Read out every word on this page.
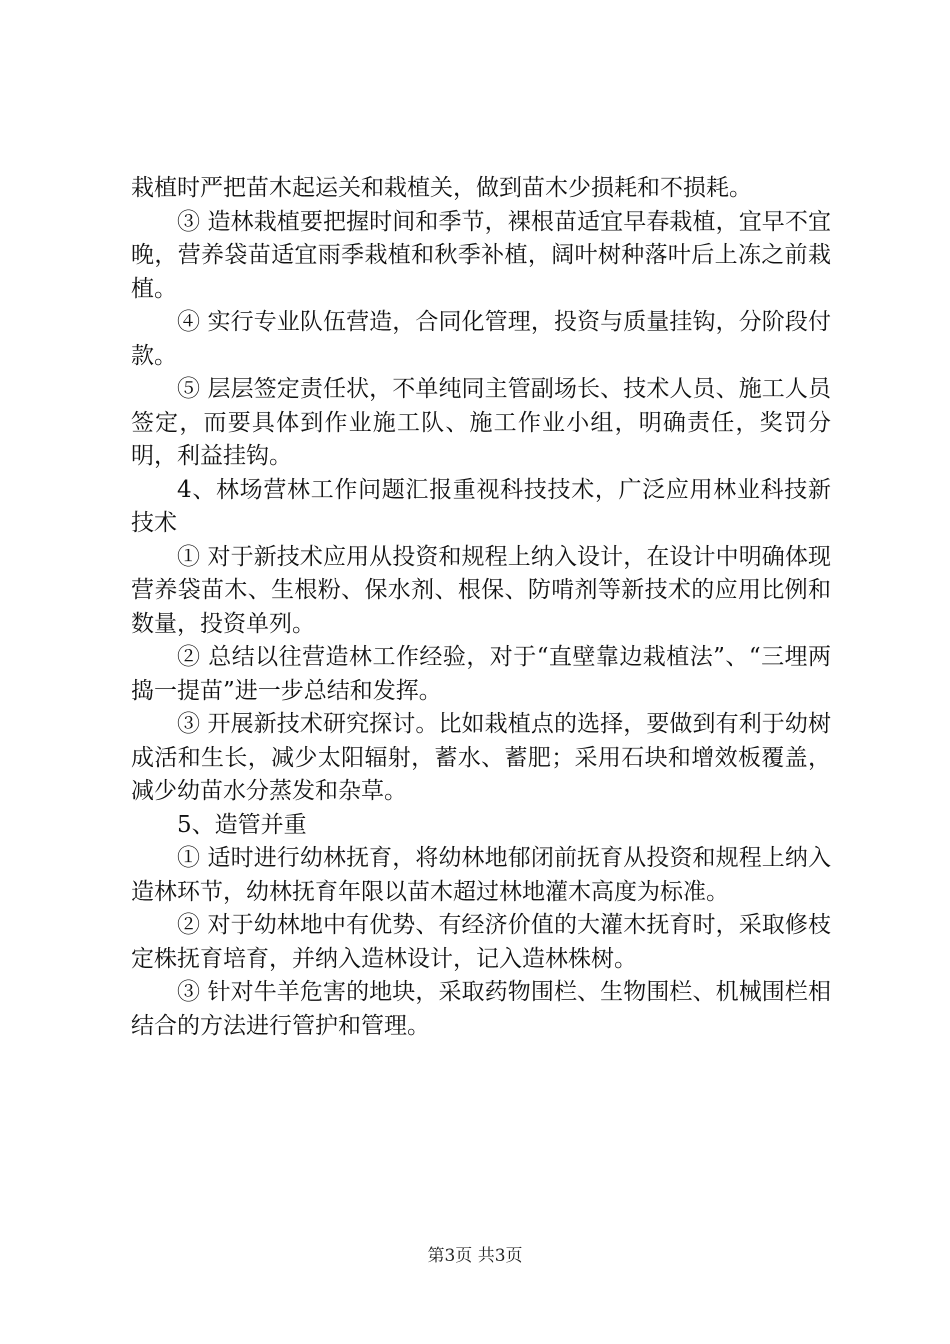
栽植时严把苗木起运关和栽植关，做到苗木少损耗和不损耗。

③ 造林栽植要把握时间和季节，裸根苗适宜早春栽植，宜早不宜晚，营养袋苗适宜雨季栽植和秋季补植，阔叶树种落叶后上冻之前栽植。

④ 实行专业队伍营造，合同化管理，投资与质量挂钩，分阶段付款。

⑤ 层层签定责任状，不单纯同主管副场长、技术人员、施工人员签定，而要具体到作业施工队、施工作业小组，明确责任，奖罚分明，利益挂钩。

4、林场营林工作问题汇报重视科技技术，广泛应用林业科技新技术

① 对于新技术应用从投资和规程上纳入设计，在设计中明确体现营养袋苗木、生根粉、保水剂、根保、防啃剂等新技术的应用比例和数量，投资单列。

② 总结以往营造林工作经验，对于“直壁靠边栽植法”、“三埋两捣一提苗”进一步总结和发挥。

③ 开展新技术研究探讨。比如栽植点的选择，要做到有利于幼树成活和生长，减少太阳辐射，蓄水、蓄肥；采用石块和增效板覆盖，减少幼苗水分蒸发和杂草。

5、造管并重

① 适时进行幼林抚育，将幼林地郁闭前抚育从投资和规程上纳入造林环节，幼林抚育年限以苗木超过林地灌木高度为标准。

② 对于幼林地中有优势、有经济价值的大灌木抚育时，采取修枝定株抚育培育，并纳入造林设计，记入造林株树。

③ 针对牛羊危害的地块，采取药物围栏、生物围栏、机械围栏相结合的方法进行管护和管理。

第3页 共3页
